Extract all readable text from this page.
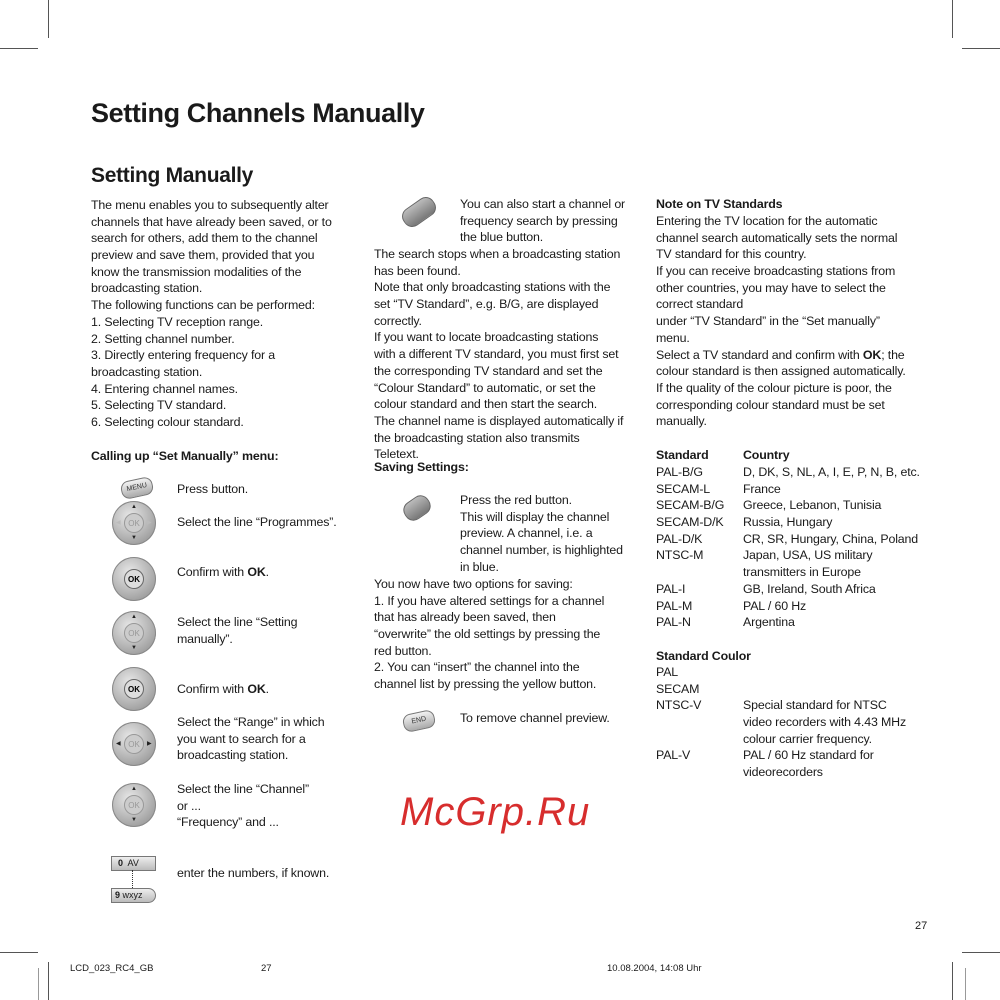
Setting Channels Manually
Setting Manually
The menu enables you to subsequently alter
channels that have already been saved, or to
search for others, add them to the channel
preview and save them, provided that you
know the transmission modalities of the
broadcasting station.
The following functions can be performed:
1. Selecting TV reception range.
2. Setting channel number.
3. Directly entering frequency for a
broadcasting station.
4. Entering channel names.
5. Selecting TV standard.
6. Selecting colour standard.
Calling up “Set Manually” menu:
MENU	Press button.
▲
▼
◀	▶
OK	Select the line “Programmes”.
OK
Confirm with OK.
▲
▼
OK
Select the line “Setting
manually”.
OK	Confirm with OK.
◀	▶
OK
Select the “Range” in which
you want to search for a
broadcasting station.
▲
▼
OK
Select the line “Channel”
or ...
“Frequency” and ...
0 AV
9 wxyz
enter the numbers, if known.
You can also start a channel or
frequency search by pressing
the blue button.
The search stops when a broadcasting station
has been found.
Note that only broadcasting stations with the
set “TV Standard”, e.g. B/G, are displayed
correctly.
If you want to locate broadcasting stations
with a different TV standard, you must first set
the corresponding TV standard and set the
“Colour Standard” to automatic, or set the
colour standard and then start the search.
The channel name is displayed automatically if
the broadcasting station also transmits
Teletext.
Saving Settings:
Press the red button.
This will display the channel
preview. A channel, i.e. a
channel number, is highlighted
in blue.
You now have two options for saving:
1. If you have altered settings for a channel
that has already been saved, then
“overwrite” the old settings by pressing the
red button.
2. You can “insert” the channel into the
channel list by pressing the yellow button.
END	To remove channel preview.
Note on TV Standards
Entering the TV location for the automatic
channel search automatically sets the normal
TV standard for this country.
If you can receive broadcasting stations from
other countries, you may have to select the
correct standard
under “TV Standard” in the “Set manually”
menu.
Select a TV standard and confirm with OK; the
colour standard is then assigned automatically.
If the quality of the colour picture is poor, the
corresponding colour standard must be set
manually.
Standard	Country
PAL-B/G	D, DK, S, NL, A, I, E, P, N, B, etc.
SECAM-L	France
SECAM-B/G	Greece, Lebanon, Tunisia
SECAM-D/K	Russia, Hungary
PAL-D/K	CR, SR, Hungary, China, Poland
NTSC-M	Japan, USA, US military
transmitters in Europe
PAL-I	GB, Ireland, South Africa
PAL-M	PAL / 60 Hz
PAL-N	Argentina
Standard Coulor
PAL
SECAM
NTSC-V	Special standard for NTSC
video recorders with 4.43 MHz
colour carrier frequency.
PAL-V	PAL / 60 Hz standard for
videorecorders
McGrp.Ru
27
LCD_023_RC4_GB	27	10.08.2004, 14:08 Uhr
